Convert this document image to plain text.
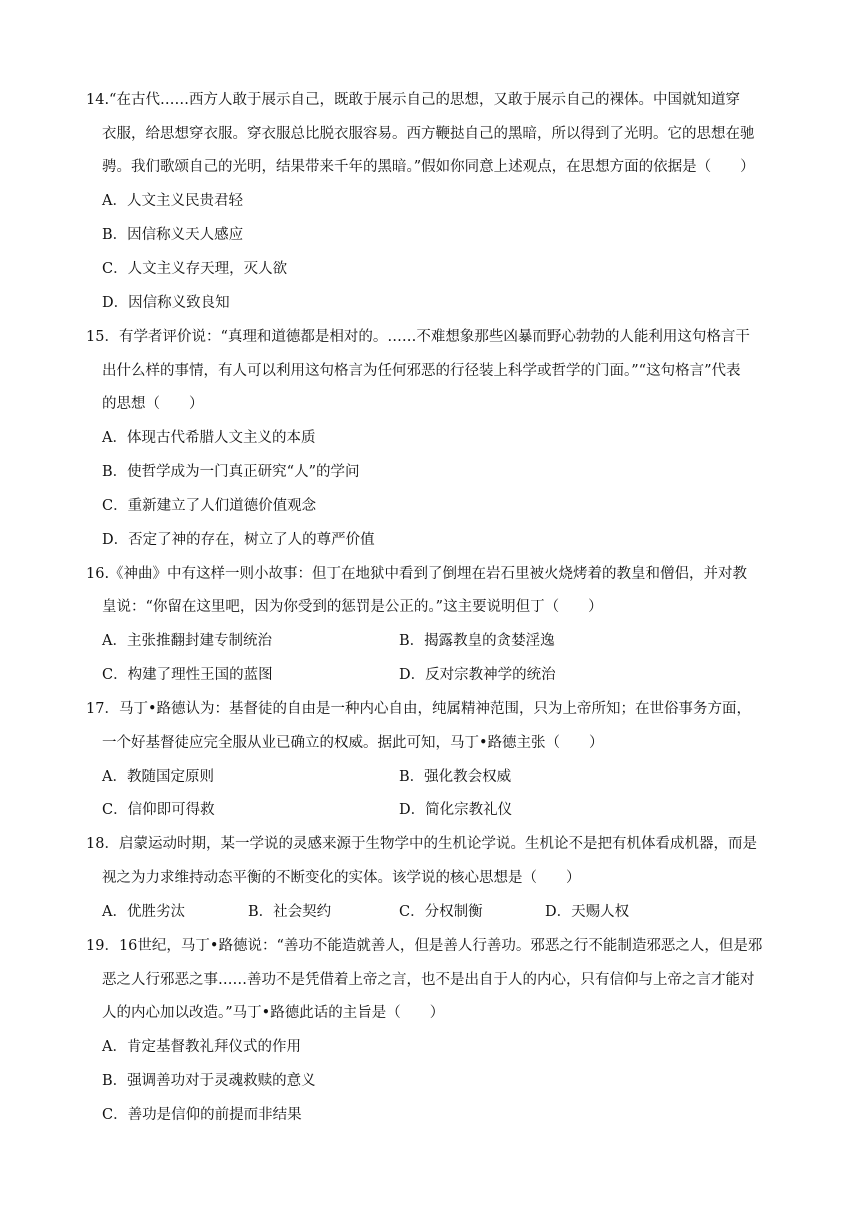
14.“在古代……西方人敢于展示自己，既敢于展示自己的思想，又敢于展示自己的裸体。中国就知道穿
衣服，给思想穿衣服。穿衣服总比脱衣服容易。西方鞭挞自己的黑暗，所以得到了光明。它的思想在驰
骋。我们歌颂自己的光明，结果带来千年的黑暗。”假如你同意上述观点，在思想方面的依据是（　　）
A．人文主义民贵君轻
B．因信称义天人感应
C．人文主义存天理，灭人欲
D．因信称义致良知
15．有学者评价说：“真理和道德都是相对的。……不难想象那些凶暴而野心勃勃的人能利用这句格言干
出什么样的事情，有人可以利用这句格言为任何邪恶的行径装上科学或哲学的门面。”“这句格言”代表
的思想（　　）
A．体现古代希腊人文主义的本质
B．使哲学成为一门真正研究“人”的学问
C．重新建立了人们道德价值观念
D．否定了神的存在，树立了人的尊严价值
16.《神曲》中有这样一则小故事：但丁在地狱中看到了倒埋在岩石里被火烧烤着的教皇和僧侣，并对教
皇说：“你留在这里吧，因为你受到的惩罚是公正的。”这主要说明但丁（　　）
A．主张推翻封建专制统治	B．揭露教皇的贪婪淫逸
C．构建了理性王国的蓝图	D．反对宗教神学的统治
17．马丁•路德认为：基督徒的自由是一种内心自由，纯属精神范围，只为上帝所知；在世俗事务方面，
一个好基督徒应完全服从业已确立的权威。据此可知，马丁•路德主张（　　）
A．教随国定原则	B．强化教会权威
C．信仰即可得救	D．简化宗教礼仪
18．启蒙运动时期，某一学说的灵感来源于生物学中的生机论学说。生机论不是把有机体看成机器，而是
视之为力求维持动态平衡的不断变化的实体。该学说的核心思想是（　　）
A．优胜劣汰	B．社会契约	C．分权制衡	D．天赐人权
19．16世纪，马丁•路德说：“善功不能造就善人，但是善人行善功。邪恶之行不能制造邪恶之人，但是邪
恶之人行邪恶之事……善功不是凭借着上帝之言，也不是出自于人的内心，只有信仰与上帝之言才能对
人的内心加以改造。”马丁•路德此话的主旨是（　　）
A．肯定基督教礼拜仪式的作用
B．强调善功对于灵魂救赎的意义
C．善功是信仰的前提而非结果
